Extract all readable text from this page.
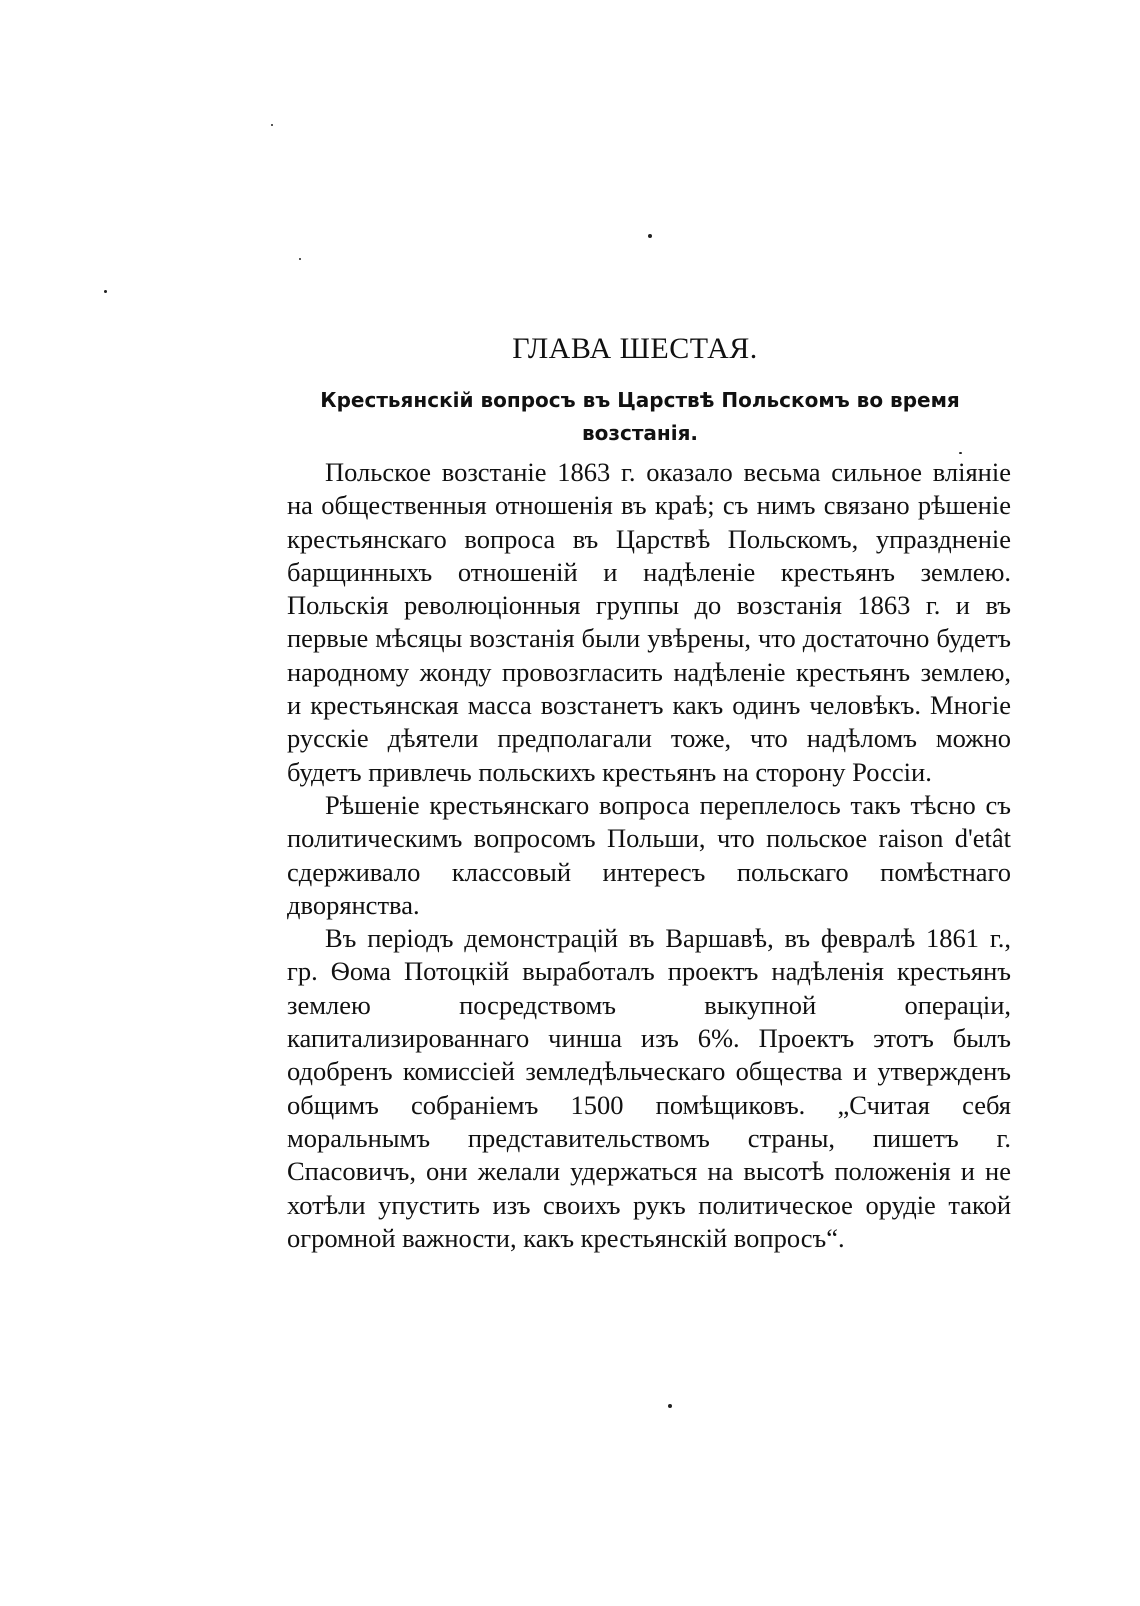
ГЛАВА ШЕСТАЯ.
Крестьянскій вопросъ въ Царствѣ Польскомъ во время возстанія.

Польское возстаніе 1863 г. оказало весьма сильное вліяніе на общественныя отношенія въ краѣ; съ нимъ связано рѣшеніе крестьянскаго вопроса въ Царствѣ Польскомъ, упраздненіе барщинныхъ отношеній и надѣленіе крестьянъ землею. Польскія революціонныя группы до возстанія 1863 г. и въ первые мѣсяцы возстанія были увѣрены, что достаточно будетъ народному жонду провозгласить надѣленіе крестьянъ землею, и крестьянская масса возстанетъ какъ одинъ человѣкъ. Многіе русскіе дѣятели предполагали тоже, что надѣломъ можно будетъ привлечь польскихъ крестьянъ на сторону Россіи.

Рѣшеніе крестьянскаго вопроса переплелось такъ тѣсно съ политическимъ вопросомъ Польши, что польское raison d'etât сдерживало классовый интересъ польскаго помѣстнаго дворянства.

Въ періодъ демонстрацій въ Варшавѣ, въ февралѣ 1861 г., гр. Ѳома Потоцкій выработалъ проектъ надѣленія крестьянъ землею посредствомъ выкупной операціи, капитализированнаго чинша изъ 6%. Проектъ этотъ былъ одобренъ комиссіей земледѣльческаго общества и утвержденъ общимъ собраніемъ 1500 помѣщиковъ. „Считая себя моральнымъ представительствомъ страны, пишетъ г. Спасовичъ, они желали удержаться на высотѣ положенія и не хотѣли упустить изъ своихъ рукъ политическое орудіе такой огромной важности, какъ крестьянскій вопросъ“.
